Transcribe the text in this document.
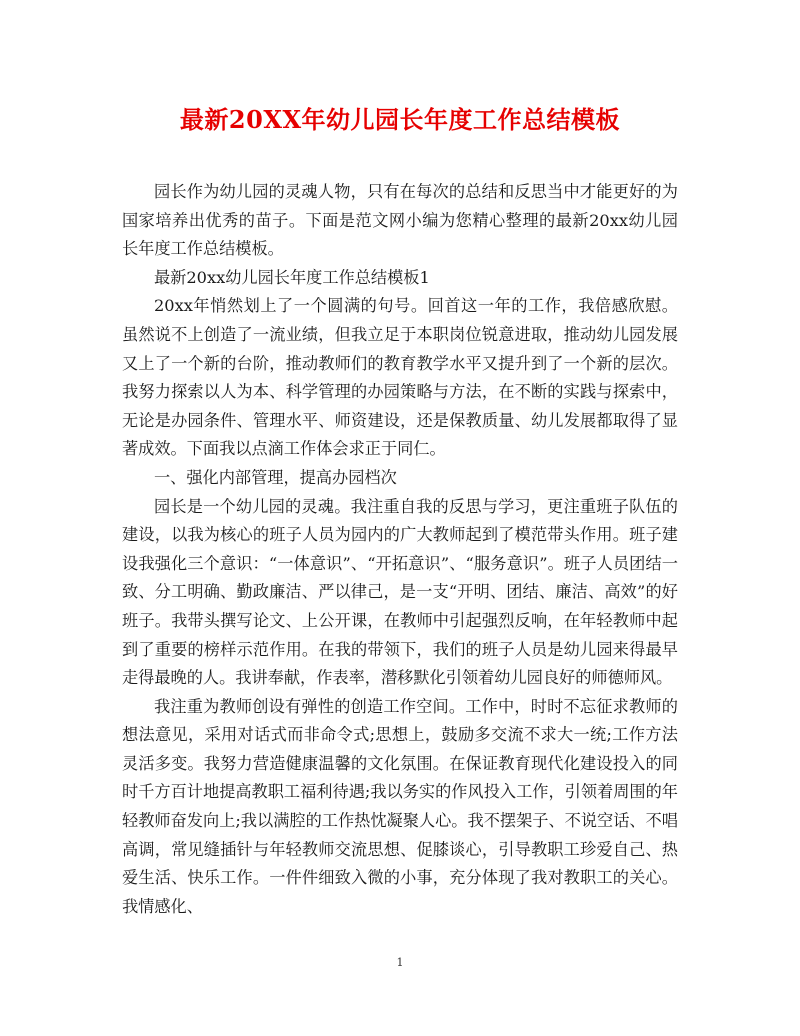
最新20XX年幼儿园长年度工作总结模板

园长作为幼儿园的灵魂人物，只有在每次的总结和反思当中才能更好的为国家培养出优秀的苗子。下面是范文网小编为您精心整理的最新20xx幼儿园长年度工作总结模板。

最新20xx幼儿园长年度工作总结模板1

20xx年悄然划上了一个圆满的句号。回首这一年的工作，我倍感欣慰。虽然说不上创造了一流业绩，但我立足于本职岗位锐意进取，推动幼儿园发展又上了一个新的台阶，推动教师们的教育教学水平又提升到了一个新的层次。我努力探索以人为本、科学管理的办园策略与方法，在不断的实践与探索中，无论是办园条件、管理水平、师资建设，还是保教质量、幼儿发展都取得了显著成效。下面我以点滴工作体会求正于同仁。

一、强化内部管理，提高办园档次

园长是一个幼儿园的灵魂。我注重自我的反思与学习，更注重班子队伍的建设，以我为核心的班子人员为园内的广大教师起到了模范带头作用。班子建设我强化三个意识：“一体意识”、“开拓意识”、“服务意识”。班子人员团结一致、分工明确、勤政廉洁、严以律己，是一支“开明、团结、廉洁、高效”的好班子。我带头撰写论文、上公开课，在教师中引起强烈反响，在年轻教师中起到了重要的榜样示范作用。在我的带领下，我们的班子人员是幼儿园来得最早走得最晚的人。我讲奉献，作表率，潜移默化引领着幼儿园良好的师德师风。

我注重为教师创设有弹性的创造工作空间。工作中，时时不忘征求教师的想法意见，采用对话式而非命令式;思想上，鼓励多交流不求大一统;工作方法灵活多变。我努力营造健康温馨的文化氛围。在保证教育现代化建设投入的同时千方百计地提高教职工福利待遇;我以务实的作风投入工作，引领着周围的年轻教师奋发向上;我以满腔的工作热忱凝聚人心。我不摆架子、不说空话、不唱高调，常见缝插针与年轻教师交流思想、促膝谈心，引导教职工珍爱自己、热爱生活、快乐工作。一件件细致入微的小事，充分体现了我对教职工的关心。我情感化、

1
